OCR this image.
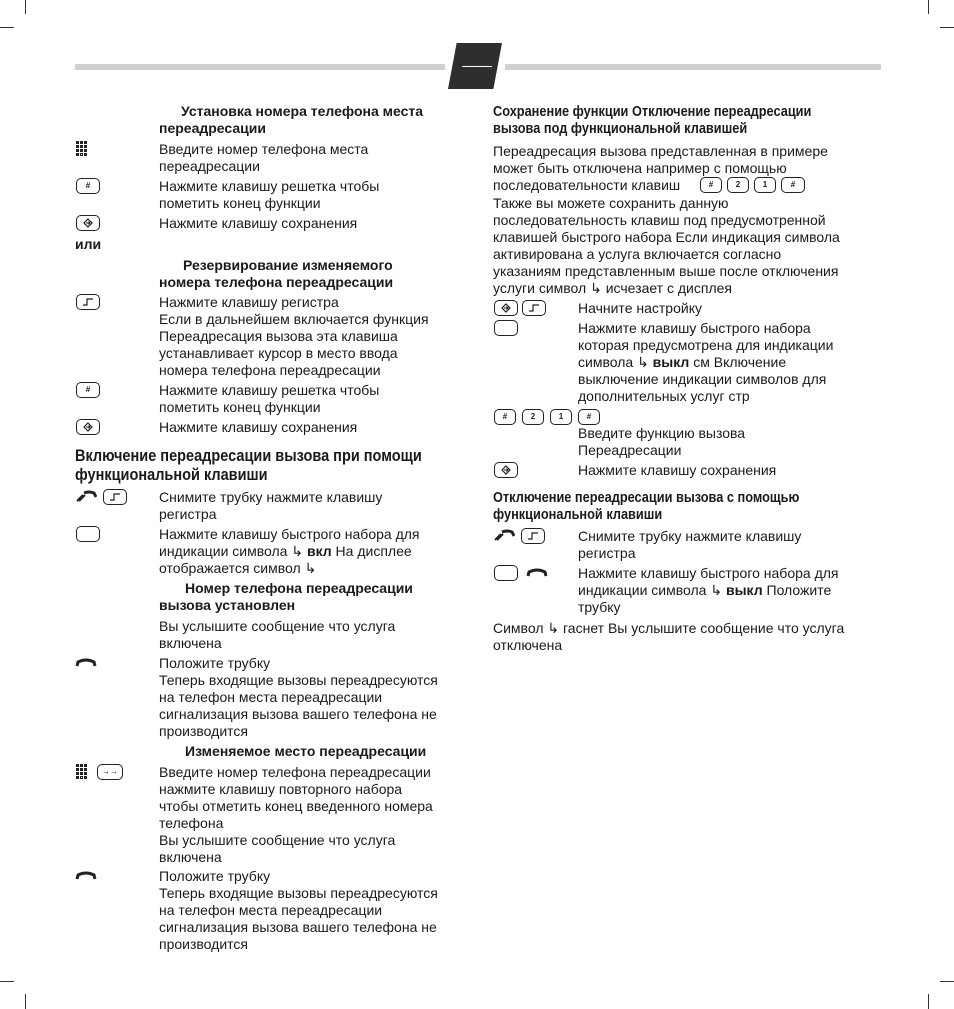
Установка номера телефона места
переадресации
Введите номер телефона места
переадресации
#	Нажмите клавишу решетка чтобы
пометить конец функции
Нажмите клавишу сохранения
или
Резервирование изменяемого
номера телефона переадресации
Нажмите клавишу регистра
Если в дальнейшем включается функция
Переадресация вызова эта клавиша
устанавливает курсор в место ввода
номера телефона переадресации
#	Нажмите клавишу решетка чтобы
пометить конец функции
Нажмите клавишу сохранения
Включение переадресации вызова при помощи
функциональной клавиши
Снимите трубку нажмите клавишу
регистра
Нажмите клавишу быстрого набора для
индикации символа ↳ вкл На дисплее
отображается символ ↳
Номер телефона переадресации
вызова установлен
Вы услышите сообщение что услуга
включена
Положите трубку
Теперь входящие вызовы переадресуются
на телефон места переадресации
сигнализация вызова вашего телефона не
производится
Изменяемое место переадресации
→→	Введите номер телефона переадресации
нажмите клавишу повторного набора
чтобы отметить конец введенного номера
телефона
Вы услышите сообщение что услуга
включена
Положите трубку
Теперь входящие вызовы переадресуются
на телефон места переадресации
сигнализация вызова вашего телефона не
производится
Сохранение функции Отключение переадресации
вызова под функциональной клавишей
Переадресация вызова представленная в примере
может быть отключена например с помощью
последовательности клавиш	#	2	1	#
Также вы можете сохранить данную
последовательность клавиш под предусмотренной
клавишей быстрого набора Если индикация символа
активирована а услуга включается согласно
указаниям представленным выше после отключения
услуги символ ↳ исчезает с дисплея
Начните настройку
Нажмите клавишу быстрого набора
которая предусмотрена для индикации
символа ↳ выкл см Включение
выключение индикации символов для
дополнительных услуг стр
#	2	1	#
Введите функцию вызова
Переадресации
Нажмите клавишу сохранения
Отключение переадресации вызова с помощью
функциональной клавиши
Снимите трубку нажмите клавишу
регистра
Нажмите клавишу быстрого набора для
индикации символа ↳ выкл Положите
трубку
Символ ↳ гаснет Вы услышите сообщение что услуга
отключена
